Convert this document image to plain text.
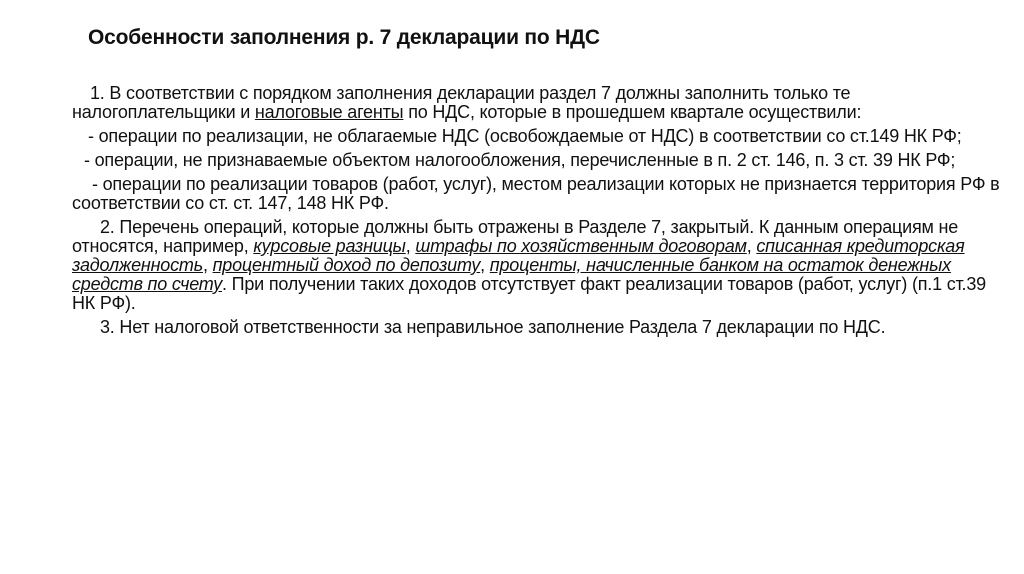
Особенности заполнения р. 7 декларации по НДС

1. В соответствии с порядком заполнения декларации раздел 7 должны заполнить только те налогоплательщики и налоговые агенты по НДС, которые в прошедшем квартале осуществили:

- операции по реализации, не облагаемые НДС (освобождаемые от НДС) в соответствии со ст.149 НК РФ;

- операции, не признаваемые объектом налогообложения, перечисленные в п. 2 ст. 146, п. 3 ст. 39 НК РФ;

- операции по реализации товаров (работ, услуг), местом реализации которых не признается территория РФ в соответствии со ст. ст. 147, 148 НК РФ.

2. Перечень операций, которые должны быть отражены в Разделе 7, закрытый. К данным операциям не относятся, например, курсовые разницы, штрафы по хозяйственным договорам, списанная кредиторская задолженность, процентный доход по депозиту, проценты, начисленные банком на остаток денежных средств по счету. При получении таких доходов отсутствует факт реализации товаров (работ, услуг) (п.1 ст.39 НК РФ).

3. Нет налоговой ответственности за неправильное заполнение Раздела 7 декларации по НДС.
